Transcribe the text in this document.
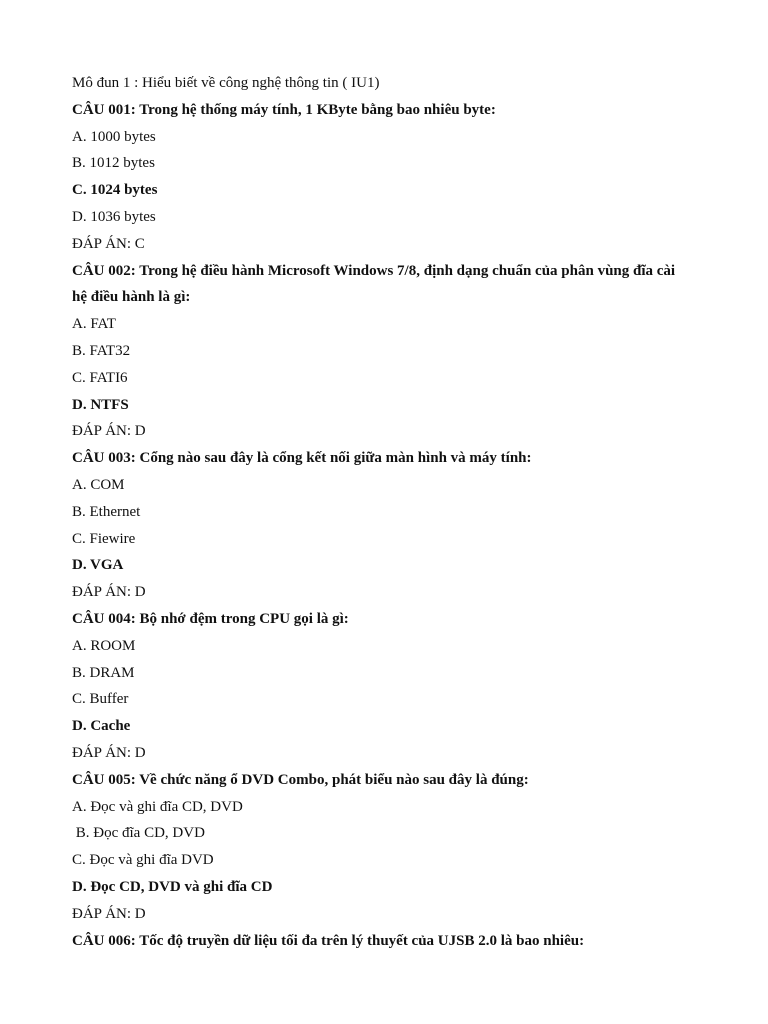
Mô đun 1 : Hiểu biết về công nghệ thông tin ( IU1)
CÂU 001: Trong hệ thống máy tính, 1 KByte bằng bao nhiêu byte:
A. 1000 bytes
B. 1012 bytes
C. 1024 bytes
D. 1036 bytes
ĐÁP ÁN: C
CÂU 002: Trong hệ điều hành Microsoft Windows 7/8, định dạng chuẩn của phân vùng đĩa cài
hệ điều hành là gì:
A. FAT
B. FAT32
C. FATI6
D. NTFS
ĐÁP ÁN: D
CÂU 003: Cổng nào sau đây là cổng kết nối giữa màn hình và máy tính:
A. COM
B. Ethernet
C. Fiewire
D. VGA
ĐÁP ÁN: D
CÂU 004: Bộ nhớ đệm trong CPU gọi là gì:
A. ROOM
B. DRAM
C. Buffer
D. Cache
ĐÁP ÁN: D
CÂU 005: Về chức năng ổ DVD Combo, phát biểu nào sau đây là đúng:
A. Đọc và ghi đĩa CD, DVD
B. Đọc đĩa CD, DVD
C. Đọc và ghi đĩa DVD
D. Đọc CD, DVD và ghi đĩa CD
ĐÁP ÁN: D
CÂU 006: Tốc độ truyền dữ liệu tối đa trên lý thuyết của UJSB 2.0 là bao nhiêu:
